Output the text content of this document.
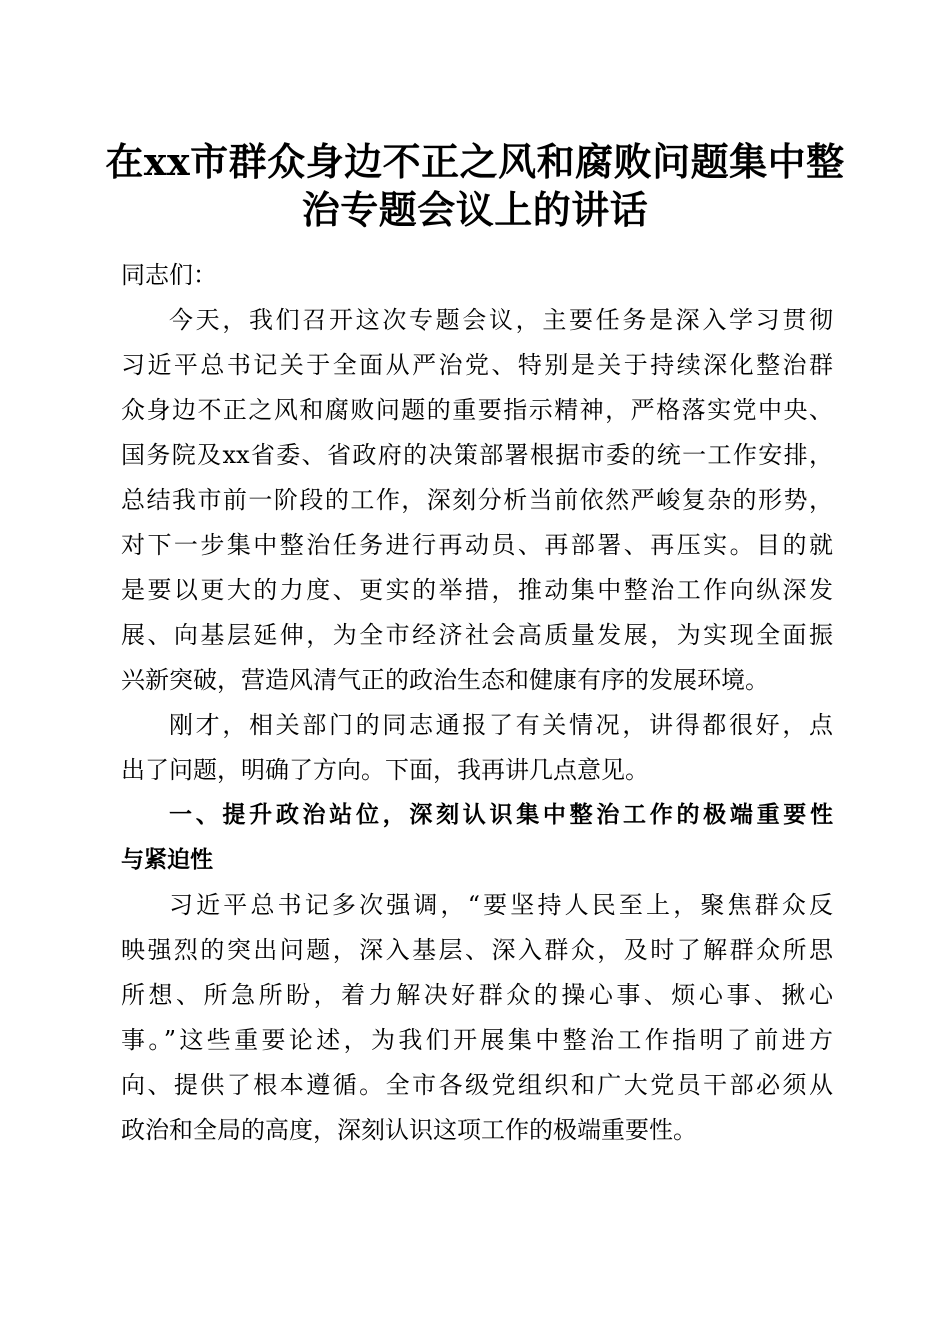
在xx市群众身边不正之风和腐败问题集中整
治专题会议上的讲话
同志们：
今天，我们召开这次专题会议，主要任务是深入学习贯彻
习近平总书记关于全面从严治党、特别是关于持续深化整治群
众身边不正之风和腐败问题的重要指示精神，严格落实党中央、
国务院及xx省委、省政府的决策部署根据市委的统一工作安排，
总结我市前一阶段的工作，深刻分析当前依然严峻复杂的形势，
对下一步集中整治任务进行再动员、再部署、再压实。目的就
是要以更大的力度、更实的举措，推动集中整治工作向纵深发
展、向基层延伸，为全市经济社会高质量发展，为实现全面振
兴新突破，营造风清气正的政治生态和健康有序的发展环境。
刚才，相关部门的同志通报了有关情况，讲得都很好，点
出了问题，明确了方向。下面，我再讲几点意见。
一、提升政治站位，深刻认识集中整治工作的极端重要性
与紧迫性
习近平总书记多次强调，“要坚持人民至上，聚焦群众反
映强烈的突出问题，深入基层、深入群众，及时了解群众所思
所想、所急所盼，着力解决好群众的操心事、烦心事、揪心
事。”这些重要论述，为我们开展集中整治工作指明了前进方
向、提供了根本遵循。全市各级党组织和广大党员干部必须从
政治和全局的高度，深刻认识这项工作的极端重要性。
